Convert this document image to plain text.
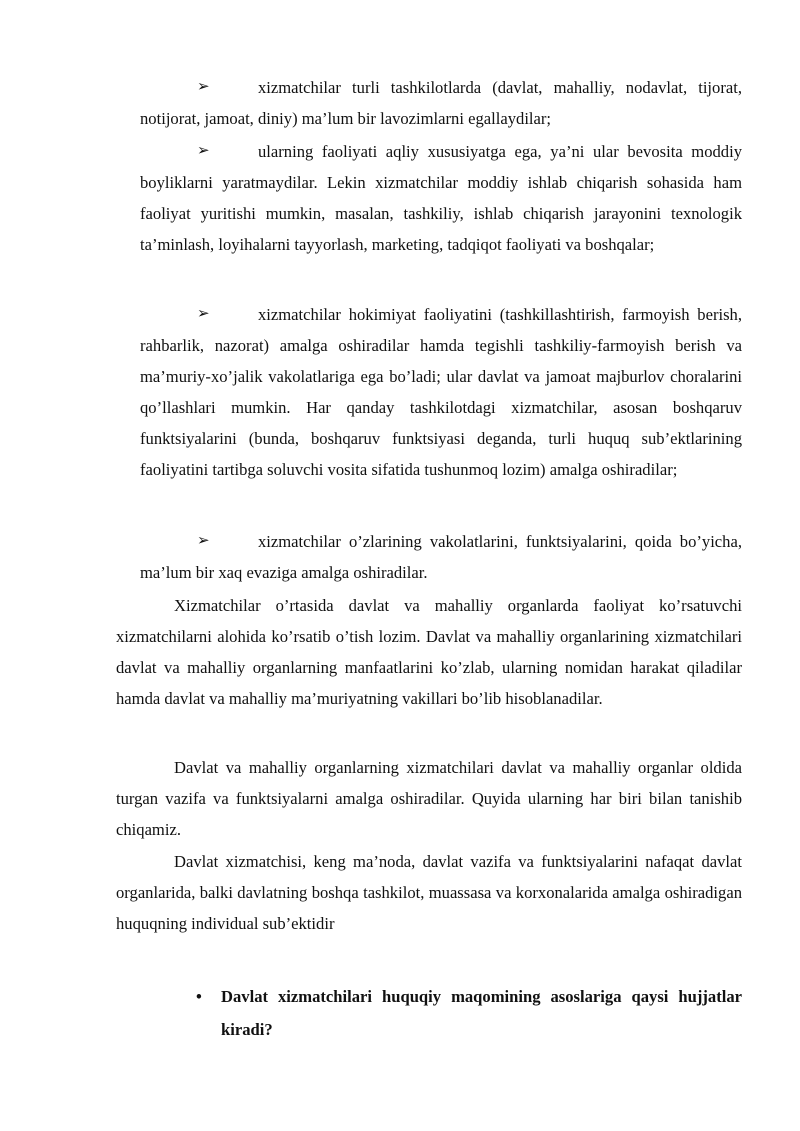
➢	xizmatchilar turli tashkilotlarda (davlat, mahalliy, nodavlat, tijorat, notijorat, jamoat, diniy) ma’lum bir lavozimlarni egallaydilar;
➢	ularning faoliyati aqliy xususiyatga ega, ya’ni ular bevosita moddiy boyliklarni yaratmaydilar. Lekin xizmatchilar moddiy ishlab chiqarish sohasida ham faoliyat yuritishi mumkin, masalan, tashkiliy, ishlab chiqarish jarayonini texnologik ta’minlash, loyihalarni tayyorlash, marketing, tadqiqot faoliyati va boshqalar;
➢	xizmatchilar hokimiyat faoliyatini (tashkillashtirish, farmoyish berish, rahbarlik, nazorat) amalga oshiradilar hamda tegishli tashkiliy-farmoyish berish va ma’muriy-xo’jalik vakolatlariga ega bo’ladi; ular davlat va jamoat majburlov choralarini qo’llashlari mumkin. Har qanday tashkilotdagi xizmatchilar, asosan boshqaruv funktsiyalarini (bunda, boshqaruv funktsiyasi deganda, turli huquq sub’ektlarining faoliyatini tartibga soluvchi vosita sifatida tushunmoq lozim) amalga oshiradilar;
➢	xizmatchilar o’zlarining vakolatlarini, funktsiyalarini, qoida bo’yicha, ma’lum bir xaq evaziga amalga oshiradilar.

Xizmatchilar o’rtasida davlat va mahalliy organlarda faoliyat ko’rsatuvchi xizmatchilarni alohida ko’rsatib o’tish lozim. Davlat va mahalliy organlarining xizmatchilari davlat va mahalliy organlarning manfaatlarini ko’zlab, ularning nomidan harakat qiladilar hamda davlat va mahalliy ma’muriyatning vakillari bo’lib hisoblanadilar.

Davlat va mahalliy organlarning xizmatchilari davlat va mahalliy organlar oldida turgan vazifa va funktsiyalarni amalga oshiradilar. Quyida ularning har biri bilan tanishib chiqamiz.

Davlat xizmatchisi, keng ma’noda, davlat vazifa va funktsiyalarini nafaqat davlat organlarida, balki davlatning boshqa tashkilot, muassasa va korxonalarida amalga oshiradigan huquqning individual sub’ektidir

•	Davlat xizmatchilari huquqiy maqomining asoslariga qaysi hujjatlar kiradi?
